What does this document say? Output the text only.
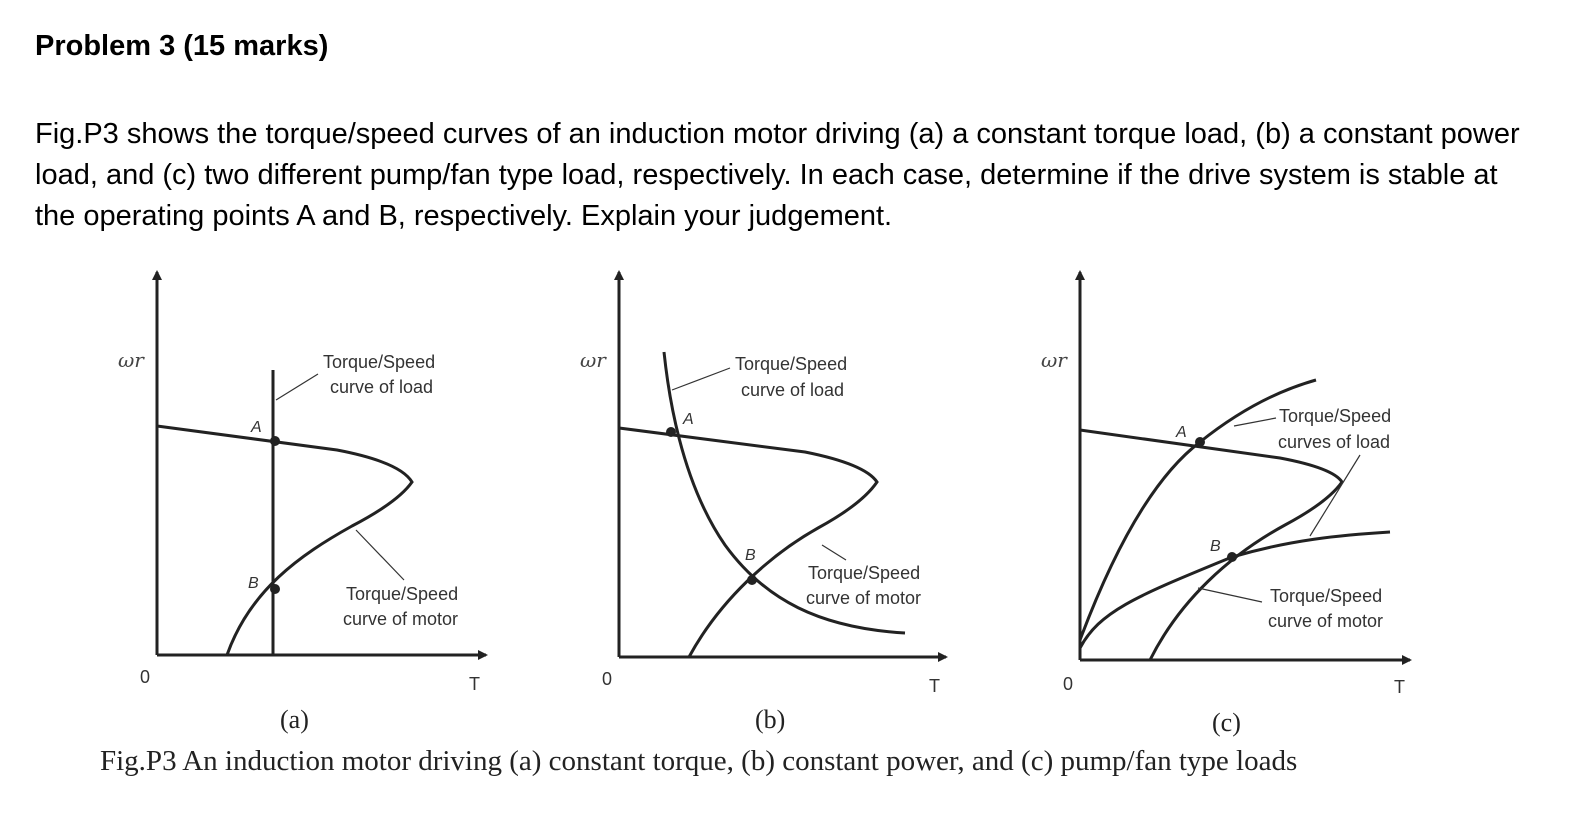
Problem 3 (15 marks)

Fig.P3 shows the torque/speed curves of an induction motor driving (a) a constant torque load, (b) a constant power load, and (c) two different pump/fan type load, respectively. In each case, determine if the drive system is stable at the operating points A and B, respectively. Explain your judgement.

ωr
0	T
A
B
Torque/Speed
curve of load
Torque/Speed
curve of motor
(a)
ωr
0	T
A
B
Torque/Speed
curve of load
Torque/Speed
curve of motor
(b)
ωr
0	T
A
B
Torque/Speed
curves of load
Torque/Speed
curve of motor
(c)
Fig.P3 An induction motor driving (a) constant torque, (b) constant power, and (c) pump/fan type loads
